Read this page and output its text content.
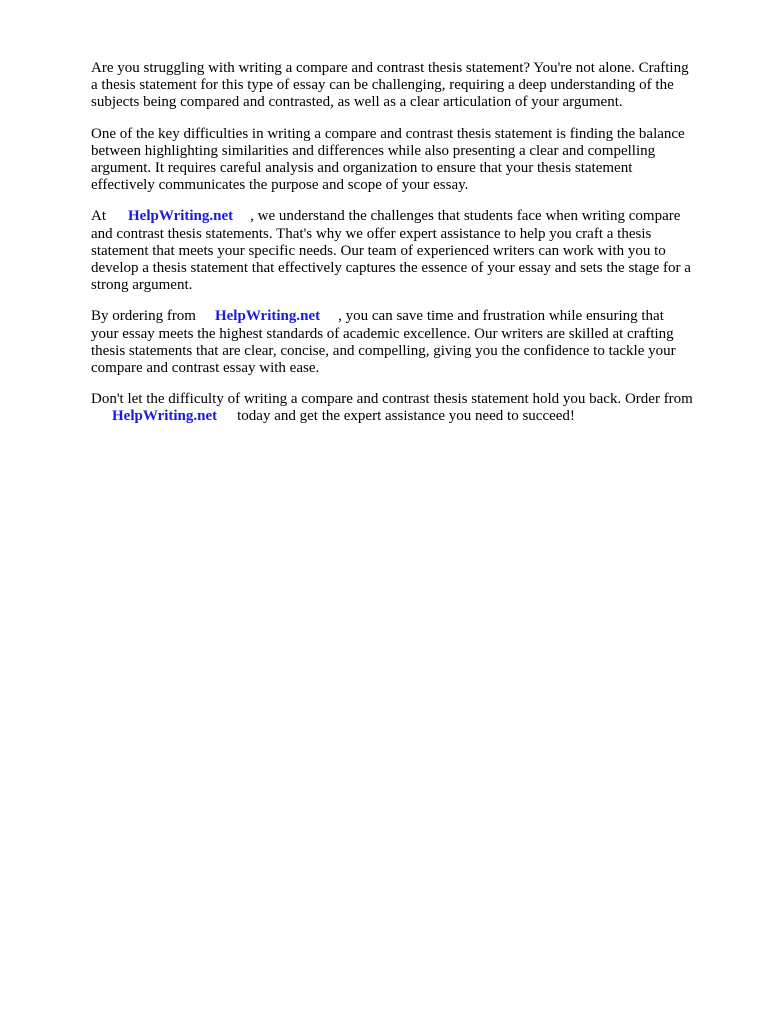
Are you struggling with writing a compare and contrast thesis statement? You're not alone. Crafting
a thesis statement for this type of essay can be challenging, requiring a deep understanding of the
subjects being compared and contrasted, as well as a clear articulation of your argument.

One of the key difficulties in writing a compare and contrast thesis statement is finding the balance
between highlighting similarities and differences while also presenting a clear and compelling
argument. It requires careful analysis and organization to ensure that your thesis statement
effectively communicates the purpose and scope of your essay.

At HelpWriting.net , we understand the challenges that students face when writing compare
and contrast thesis statements. That's why we offer expert assistance to help you craft a thesis
statement that meets your specific needs. Our team of experienced writers can work with you to
develop a thesis statement that effectively captures the essence of your essay and sets the stage for a
strong argument.

By ordering from HelpWriting.net , you can save time and frustration while ensuring that
your essay meets the highest standards of academic excellence. Our writers are skilled at crafting
thesis statements that are clear, concise, and compelling, giving you the confidence to tackle your
compare and contrast essay with ease.

Don't let the difficulty of writing a compare and contrast thesis statement hold you back. Order from
HelpWriting.net today and get the expert assistance you need to succeed!
